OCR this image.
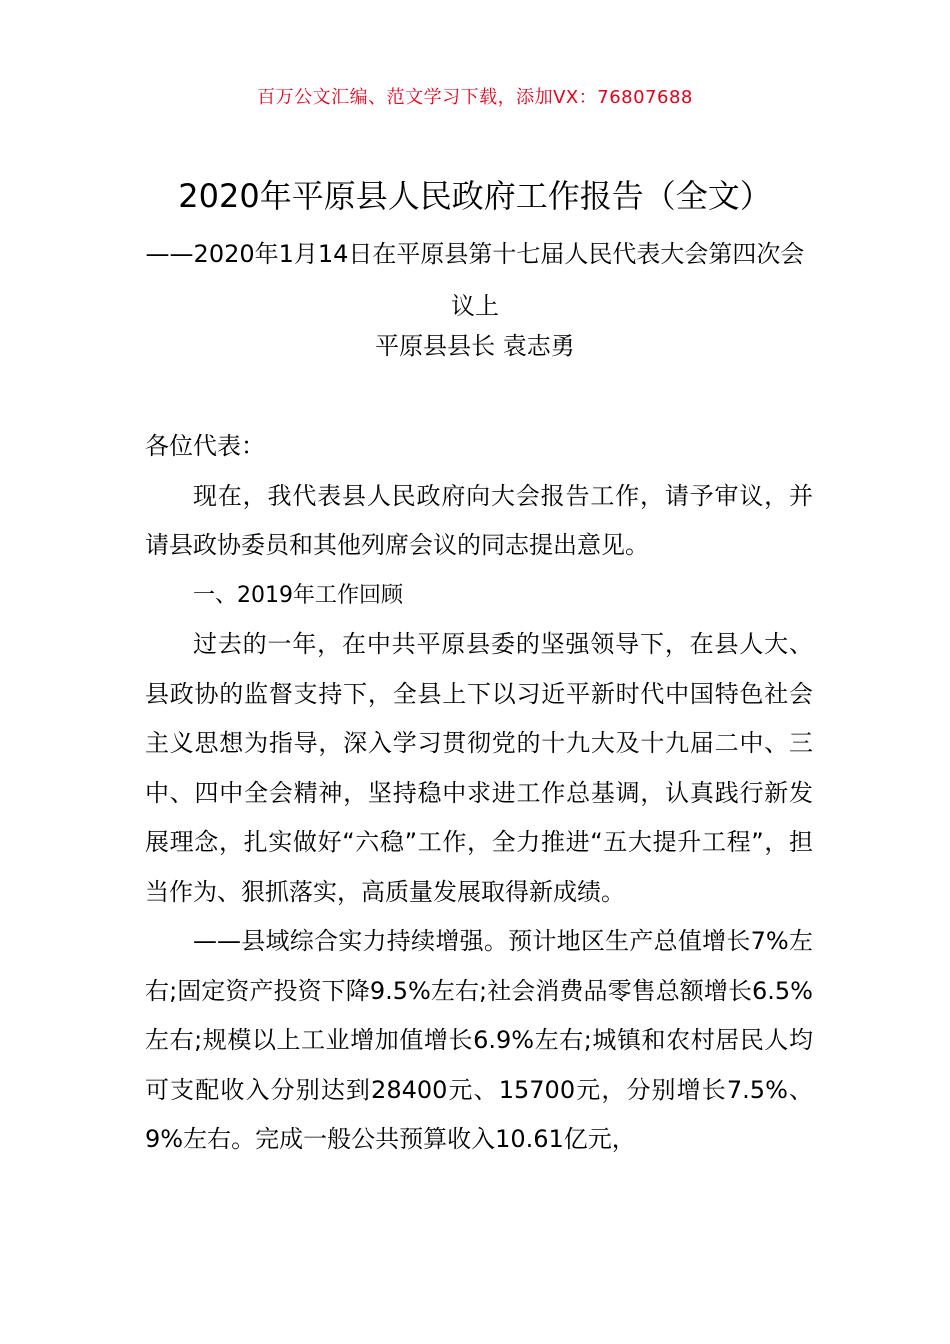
百万公文汇编、范文学习下载，添加VX：76807688
2020年平原县人民政府工作报告（全文）
——2020年1月14日在平原县第十七届人民代表大会第四次会议上
平原县县长 袁志勇

各位代表：

现在，我代表县人民政府向大会报告工作，请予审议，并请县政协委员和其他列席会议的同志提出意见。

一、2019年工作回顾

过去的一年，在中共平原县委的坚强领导下，在县人大、县政协的监督支持下，全县上下以习近平新时代中国特色社会主义思想为指导，深入学习贯彻党的十九大及十九届二中、三中、四中全会精神，坚持稳中求进工作总基调，认真践行新发展理念，扎实做好“六稳”工作，全力推进“五大提升工程”，担当作为、狠抓落实，高质量发展取得新成绩。

——县域综合实力持续增强。预计地区生产总值增长7%左右;固定资产投资下降9.5%左右;社会消费品零售总额增长6.5%左右;规模以上工业增加值增长6.9%左右;城镇和农村居民人均可支配收入分别达到28400元、15700元，分别增长7.5%、9%左右。完成一般公共预算收入10.61亿元，
